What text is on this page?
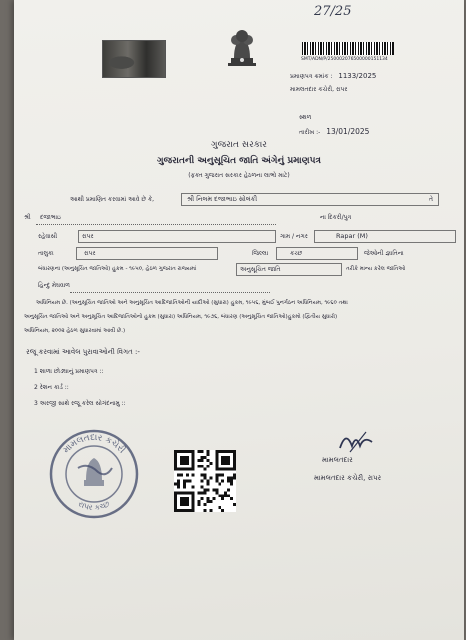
27/25
SMT/ADN/P/250002076500000151134
પ્રમાણપત્ર ક્રમાંક : 1133/2025
મામલતદાર કચેરી, રાપર
સ્થળ
તારીખ :- 13/01/2025
ગુજરાત સરકાર
ગુજરાતની અનુસૂચિત જાતિ અંગેનું પ્રમાણપત્ર
(ફક્ત ગુજરાત સરકાર હેઠળના લાભો માટે)
આથી પ્રમાણિત કરવામાં આવે છે કે,	શ્રી નિલમ દજાભાઇ સોલંકી	તે
શ્રી દજાભાઇ	ના દિકરી/પુત્ર
રહેવાસી	રાપર	ગામ / નગર	Rapar (M)
તાલુકા	રાપર	જિલ્લા	કચ્છ	જેઓની જ્ઞાતિના
બંધારણના (અનુસૂચિત જાતિઓ) હુકમ - ૧૯૫૦, હેઠળ ગુજરાત રાજ્યમાં	અનુસૂચિત જાતિ	તરીકે માન્ય કરેલ જાતિઓ
હિન્દુ મેઘવાળ
અધિનિયમ છે. (અનુસૂચિત જાતિઓ અને અનુસૂચિત આદિજાતિઓની યાદીઓ (સુધારા) હુકમ, ૧૯૫૬, મુંબઈ પુનર્ગઠન અધિનિયમ, ૧૯૬૦ તથા
અનુસૂચિત જાતિઓ અને અનુસૂચિત આદિજાતિઓનો હુકમ (સુધારા) અધિનિયમ, ૧૯૭૬, બંધારણ (અનુસૂચિત જાતિઓ)હુકમો (દ્વિતીય સુધારો)
અધિનિયમ, ૨૦૦૨ હેઠળ સુધારવામાં આવી છે.)
રજૂ કરવામાં આવેલ પુરાવાઓની વિગત :-
1 શાળા છોડ્યાનું પ્રમાણપત્ર ::
2 રેશન કાર્ડ ::
3 અરજી સાથે રજૂ કરેલ સોગંદનામુ ::
મામલતદાર કચેરી
રાપર કચ્છ
મામલતદાર
મામલતદાર કચેરી, રાપર
